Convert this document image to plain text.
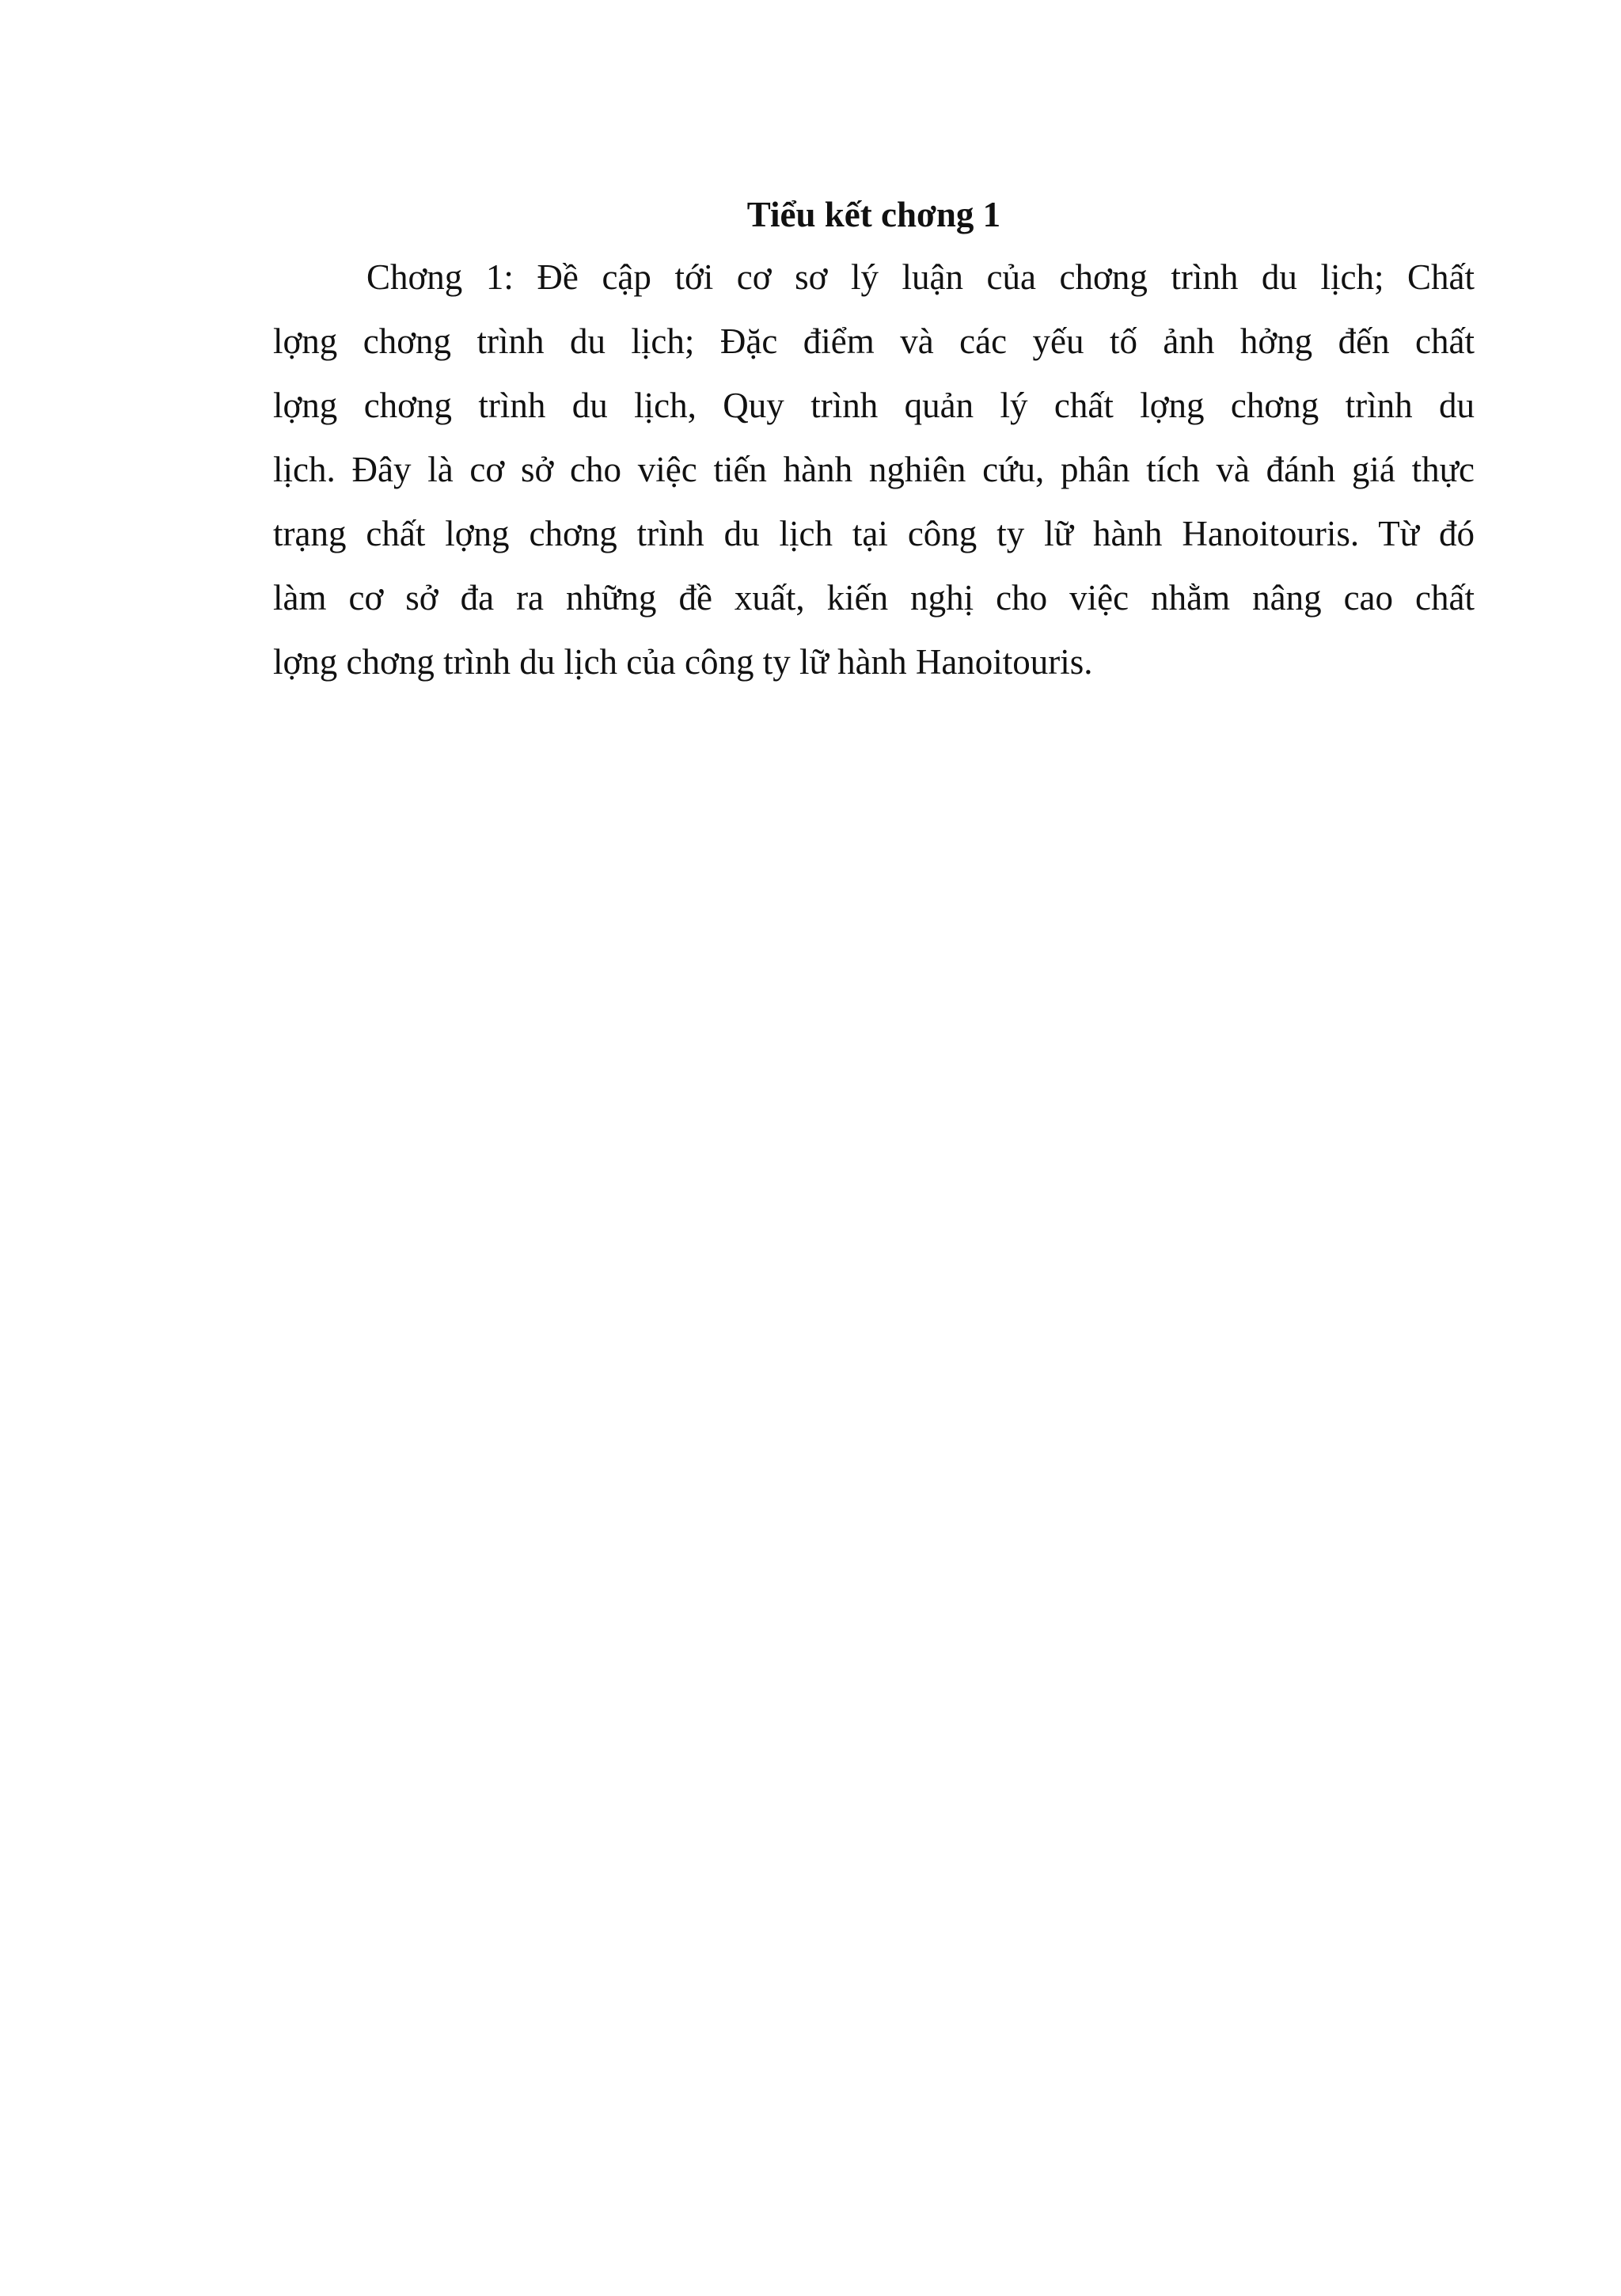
Tiểu kết chơng 1

Chơng 1: Đề cập tới cơ sơ lý luận của chơng trình du lịch; Chất
lợng chơng trình du lịch; Đặc điểm và các yếu tố ảnh hởng đến chất
lợng chơng trình du lịch, Quy trình quản lý chất lợng chơng trình du
lịch. Đây là cơ sở cho việc tiến hành nghiên cứu, phân tích và đánh giá thực
trạng chất lợng chơng trình du lịch tại công ty lữ hành Hanoitouris. Từ đó
làm cơ sở đa ra những đề xuất, kiến nghị cho việc nhằm nâng cao chất
lợng chơng trình du lịch của công ty lữ hành Hanoitouris.
